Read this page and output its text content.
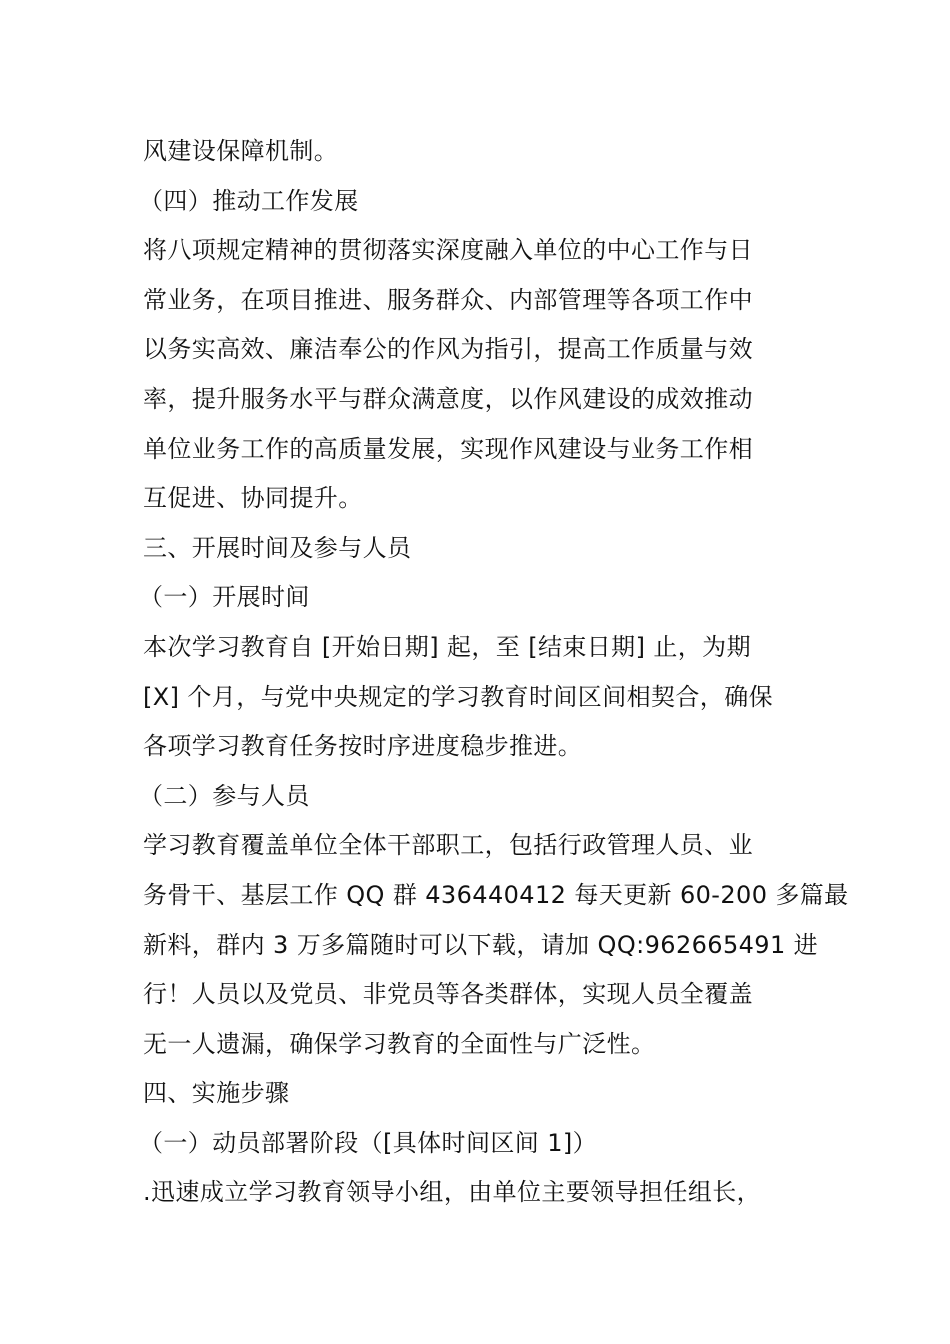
风建设保障机制。
（四）推动工作发展
将八项规定精神的贯彻落实深度融入单位的中心工作与日
常业务，在项目推进、服务群众、内部管理等各项工作中
以务实高效、廉洁奉公的作风为指引，提高工作质量与效
率，提升服务水平与群众满意度，以作风建设的成效推动
单位业务工作的高质量发展，实现作风建设与业务工作相
互促进、协同提升。
三、开展时间及参与人员
（一）开展时间
本次学习教育自 [开始日期] 起，至 [结束日期] 止，为期
[X] 个月，与党中央规定的学习教育时间区间相契合，确保
各项学习教育任务按时序进度稳步推进。
（二）参与人员
学习教育覆盖单位全体干部职工，包括行政管理人员、业
务骨干、基层工作 QQ 群 436440412 每天更新 60-200 多篇最
新料，群内 3 万多篇随时可以下载，请加 QQ:962665491 进
行！人员以及党员、非党员等各类群体，实现人员全覆盖
无一人遗漏，确保学习教育的全面性与广泛性。
四、实施步骤
（一）动员部署阶段（[具体时间区间 1]）
.迅速成立学习教育领导小组，由单位主要领导担任组长，
